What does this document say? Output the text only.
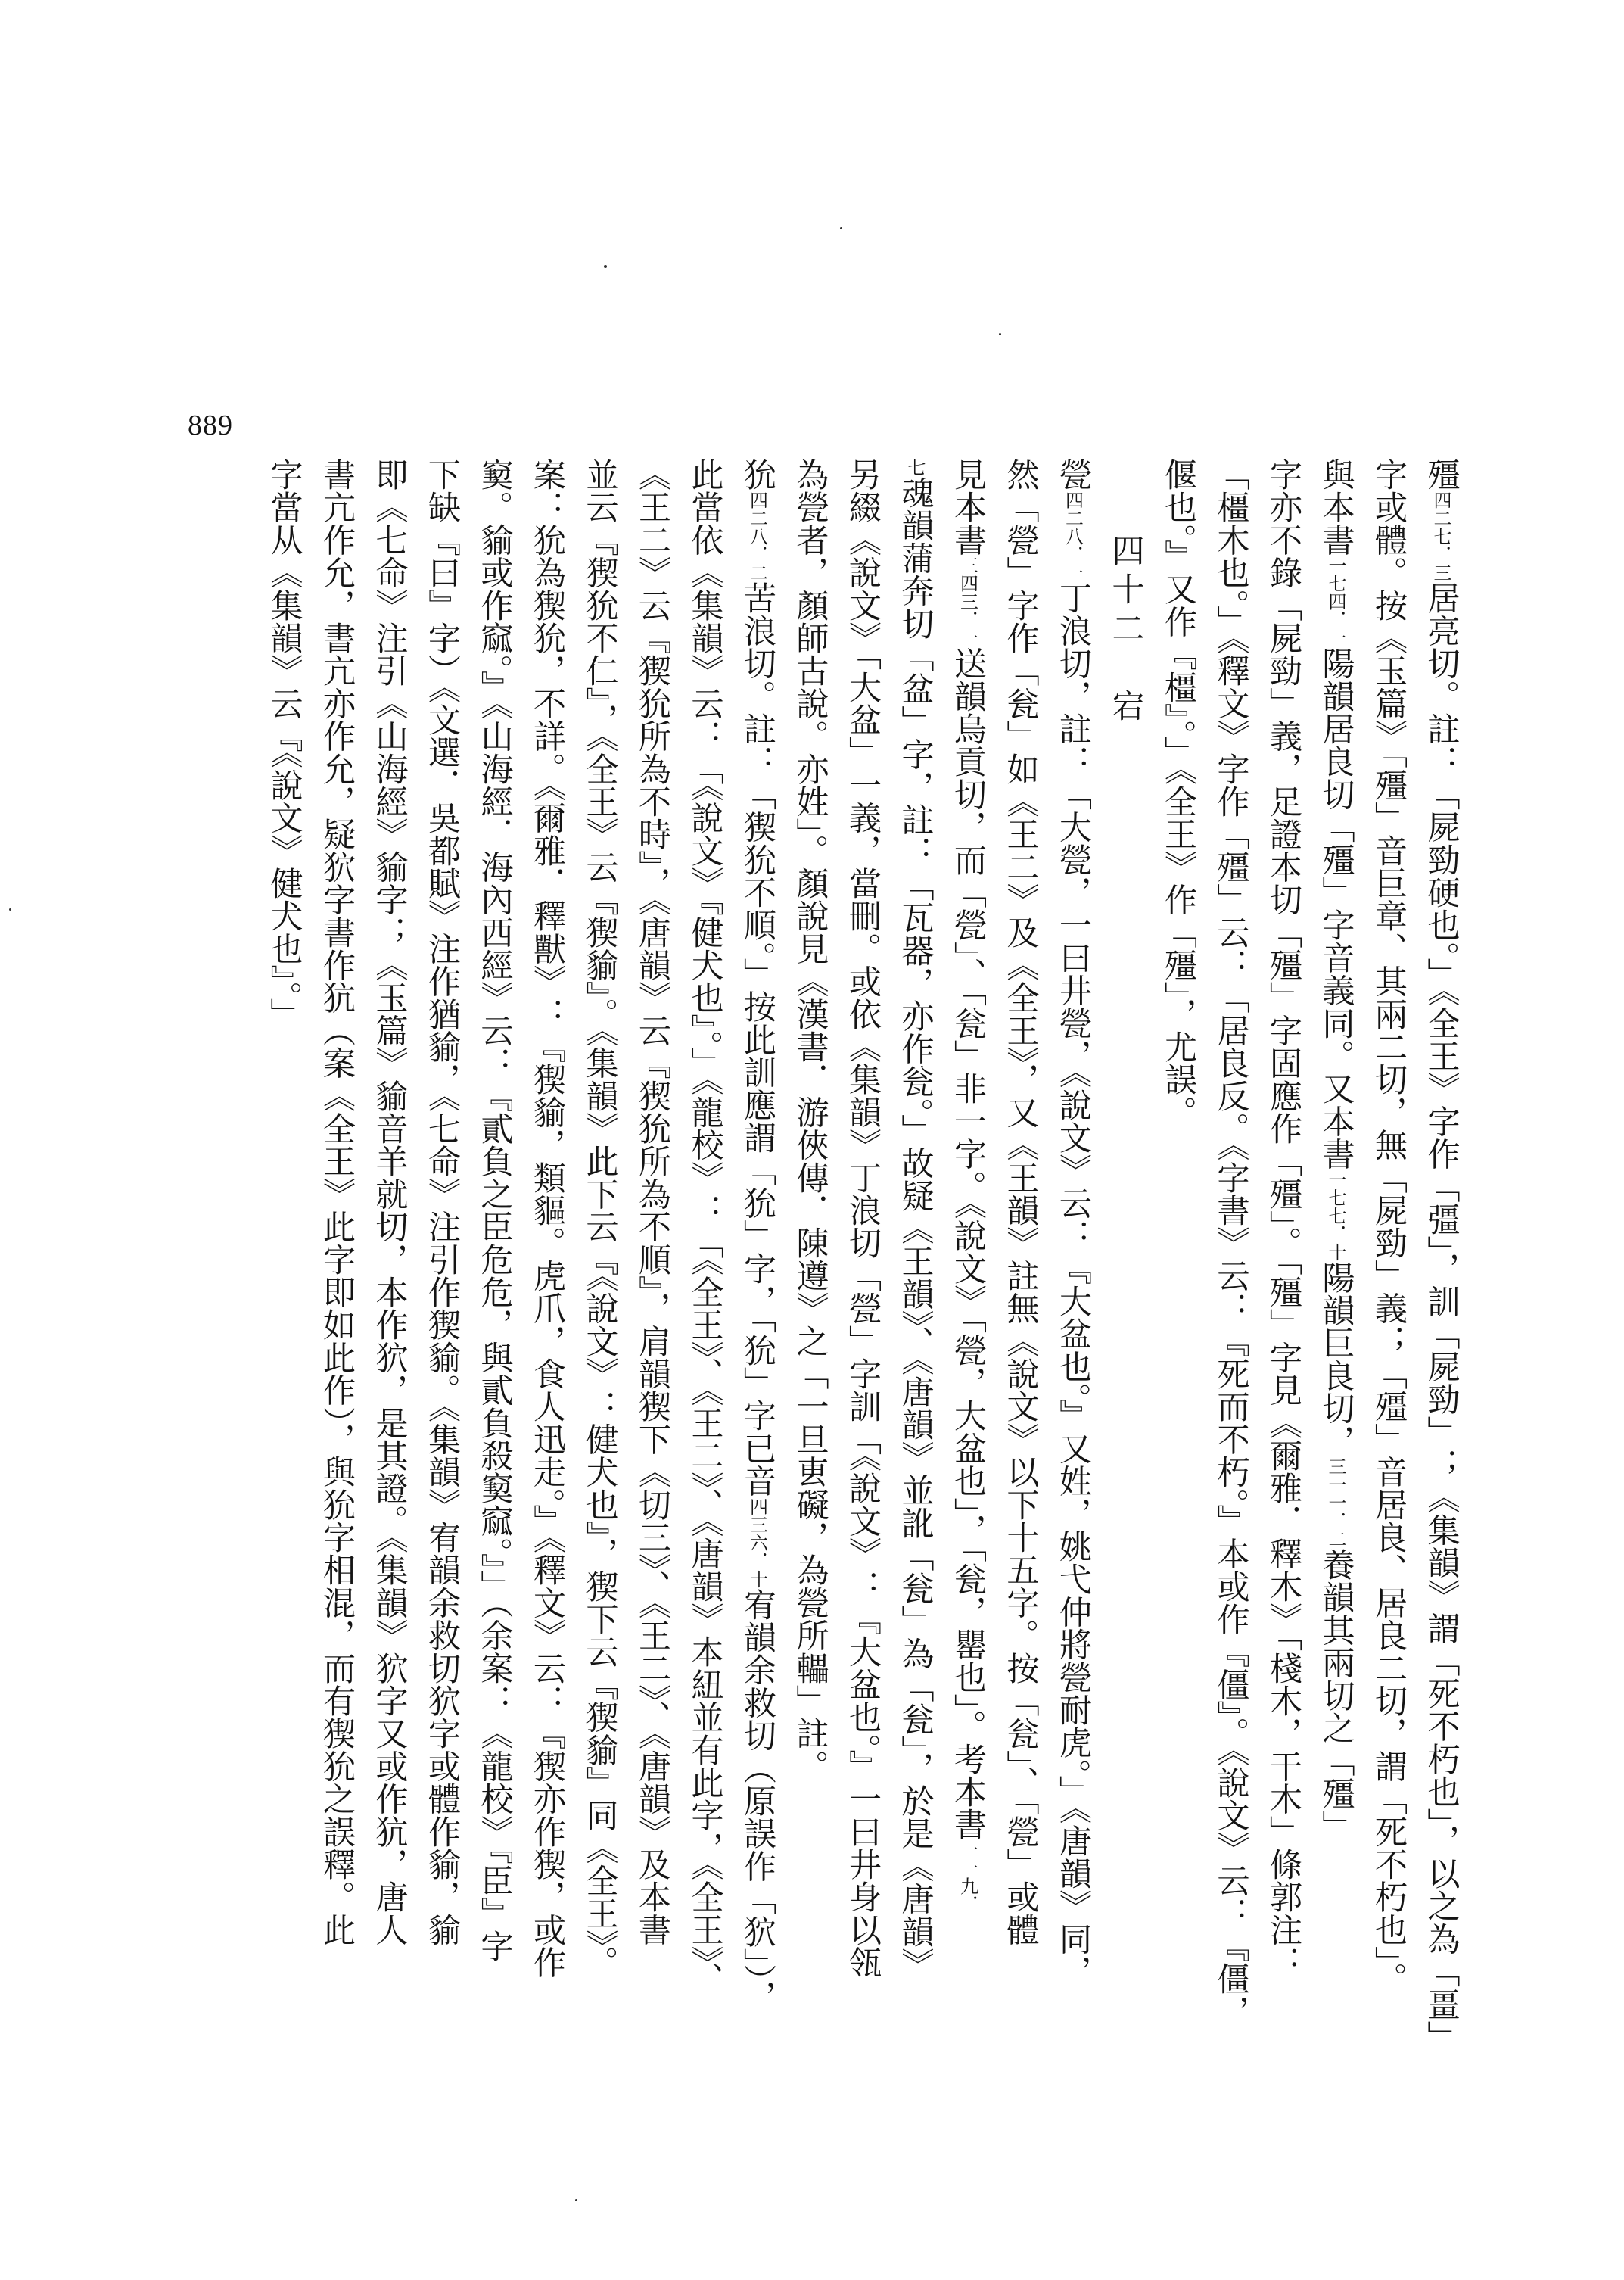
889
殭四二七．三居亮切。註：「屍勁硬也。」《全王》字作「彊」，訓「屍勁」；《集韻》謂「死不朽也」，以之為「畺」
字或體。按《玉篇》「殭」音巨章、其兩二切，無「屍勁」義；「殭」音居良、居良二切，謂「死不朽也」。
與本書一七四．一陽韻居良切「殭」字音義同。又本書一七七．十陽韻巨良切，三一一．二養韻其兩切之「殭」
字亦不錄「屍勁」義，足證本切「殭」字固應作「殭」。「殭」字見《爾雅．釋木》「棧木，干木」條郭注：
「橿木也。」《釋文》字作「殭」云：「居良反。《字書》云：『死而不朽。』本或作『僵』。《說文》云：『僵，
偃也。』又作『橿』。」《全王》作「殭」，尤誤。
四十二　宕
甇四二八．一丁浪切，註：「大甇，一曰井甇，《說文》云：『大盆也。』又姓，姚弋仲將甇耐虎。」《唐韻》同，
然「甇」字作「瓮」如《王二》及《全王》，又《王韻》註無《說文》以下十五字。按「瓮」、「甇」或體
見本書三四三．一送韻烏貢切，而「甇」、「瓮」非一字。《說文》「甇，大盆也」，「瓮，罌也」。考本書一一九．
七魂韻蒲奔切「盆」字，註：「瓦器，亦作瓮。」故疑《王韻》、《唐韻》並訛「瓮」為「瓮」，於是《唐韻》
另綴《說文》「大盆」一義，當刪。或依《集韻》丁浪切「甇」字訓「《說文》：『大盆也。』一曰井身以瓴
為甇者，顏師古說。亦姓」。顏說見《漢書．游俠傳．陳遵》之「一旦叀礙，為甇所轠」註。
狁四二八．二苦浪切。註：「猰狁不順。」按此訓應謂「狁」字，「狁」字已音四三六．十宥韻余救切（原誤作「狖」），
此當依《集韻》云：「《說文》『健犬也』。」《龍校》：「《全王》、《王二》、《唐韻》本紐並有此字，《全王》、
《王二》云『猰狁所為不時』，《唐韻》云『猰狁所為不順』，肩韻猰下《切三》、《王二》、《唐韻》及本書
並云『猰狁不仁』，《全王》云『猰貐』。《集韻》此下云『《說文》：健犬也』，猰下云『猰貐』同《全王》。
案：狁為猰狁，不詳。《爾雅．釋獸》：『猰貐，類貙。虎爪，食人迅走。』《釋文》云：『猰亦作猰，或作
窫。貐或作窳。』《山海經．海內西經》云：『貳負之臣危危，與貳負殺窫窳。』」（余案：《龍校》『臣』字
下缺『曰』字）《文選．吳都賦》注作猶貐，《七命》注引作猰貐。《集韻》宥韻余救切狖字或體作貐，貐
即《七命》注引《山海經》貐字；《玉篇》貐音羊就切，本作狖，是其證。《集韻》狖字又或作犺，唐人
書亢作允，書亢亦作允，疑狖字書作犺（案《全王》此字即如此作），與狁字相混，而有猰狁之誤釋。此
字當从《集韻》云『《說文》健犬也』。」
